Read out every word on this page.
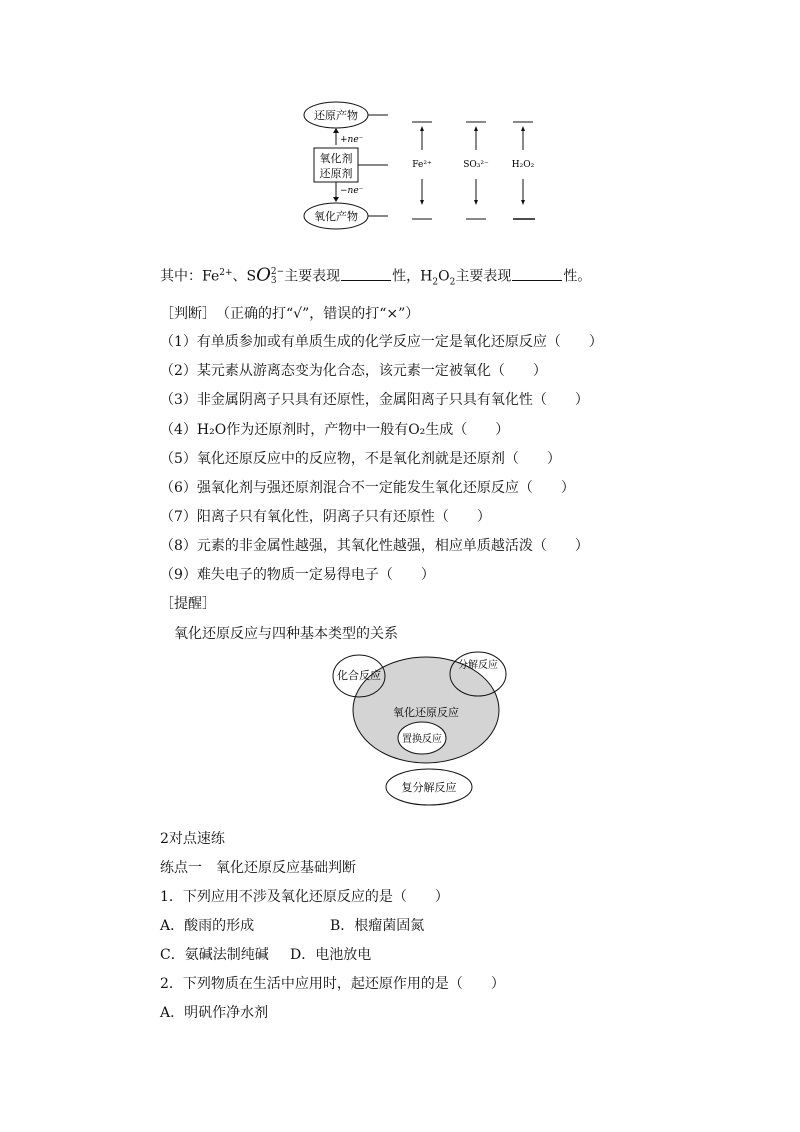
还原产物
+ne⁻
氧化剂
还原剂
−ne⁻
氧化产物
Fe²⁺	SO₃²⁻	H₂O₂
其中：$Fe^{2+}$、SO 2−
3 主要表现	性，$H_2O_2$主要表现	性。
［判断］　（正确的打“√”，错误的打“×”）
（1）有单质参加或有单质生成的化学反应一定是氧化还原反应（　　）
（2）某元素从游离态变为化合态，该元素一定被氧化（　　）
（3）非金属阴离子只具有还原性，金属阳离子只具有氧化性（　　）
（4）H₂O作为还原剂时，产物中一般有O₂生成（　　）
（5）氧化还原反应中的反应物，不是氧化剂就是还原剂（　　）
（6）强氧化剂与强还原剂混合不一定能发生氧化还原反应（　　）
（7）阳离子只有氧化性，阴离子只有还原性（　　）
（8）元素的非金属性越强，其氧化性越强，相应单质越活泼（　　）
（9）难失电子的物质一定易得电子（　　）
［提醒］
氧化还原反应与四种基本类型的关系
化合反应
分解反应
氧化还原反应
置换反应
复分解反应
2对点速练
练点一　氧化还原反应基础判断
1．下列应用不涉及氧化还原反应的是（　　）
A．酸雨的形成	B．根瘤菌固氮
C．氨碱法制纯碱 D．电池放电
2．下列物质在生活中应用时，起还原作用的是（　　）
A．明矾作净水剂
